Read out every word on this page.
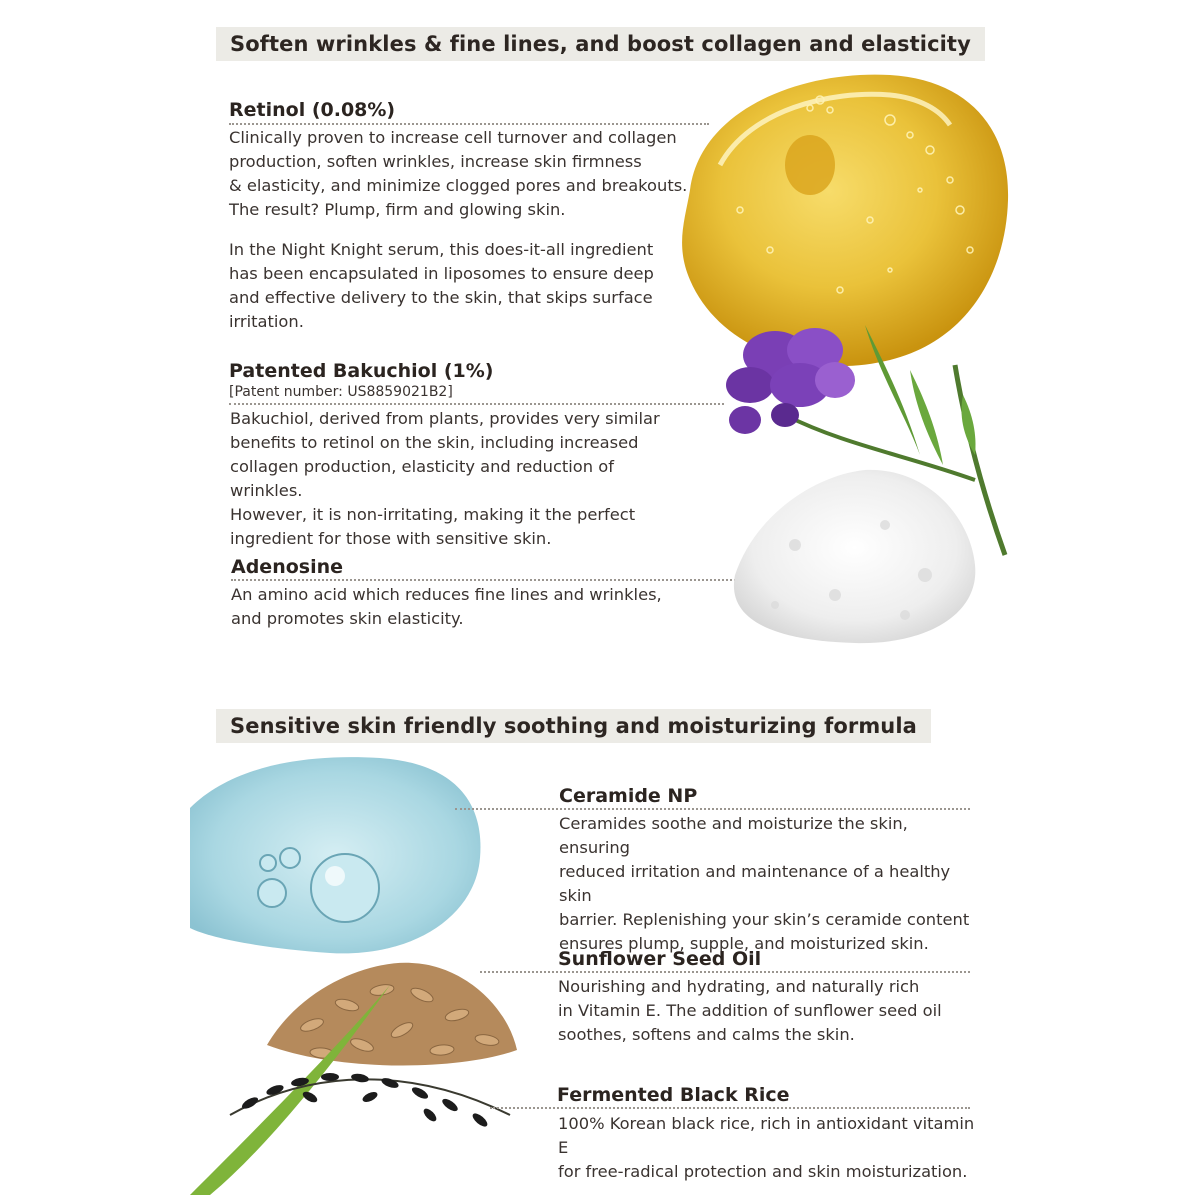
Soften wrinkles & fine lines, and boost collagen and elasticity
Retinol (0.08%)

Clinically proven to increase cell turnover and collagen
production, soften wrinkles, increase skin firmness
& elasticity, and minimize clogged pores and breakouts.
The result? Plump, firm and glowing skin.

In the Night Knight serum, this does-it-all ingredient
has been encapsulated in liposomes to ensure deep
and effective delivery to the skin, that skips surface
irritation.

Patented Bakuchiol (1%)
[Patent number: US8859021B2]

Bakuchiol, derived from plants, provides very similar
benefits to retinol on the skin, including increased
collagen production, elasticity and reduction of wrinkles.
However, it is non-irritating, making it the perfect
ingredient for those with sensitive skin.

Adenosine

An amino acid which reduces fine lines and wrinkles,
and promotes skin elasticity.

Sensitive skin friendly soothing and moisturizing formula
Ceramide NP

Ceramides soothe and moisturize the skin, ensuring
reduced irritation and maintenance of a healthy skin
barrier. Replenishing your skin’s ceramide content
ensures plump, supple, and moisturized skin.

Sunflower Seed Oil

Nourishing and hydrating, and naturally rich
in Vitamin E. The addition of sunflower seed oil
soothes, softens and calms the skin.

Fermented Black Rice

100% Korean black rice, rich in antioxidant vitamin E
for free-radical protection and skin moisturization.
